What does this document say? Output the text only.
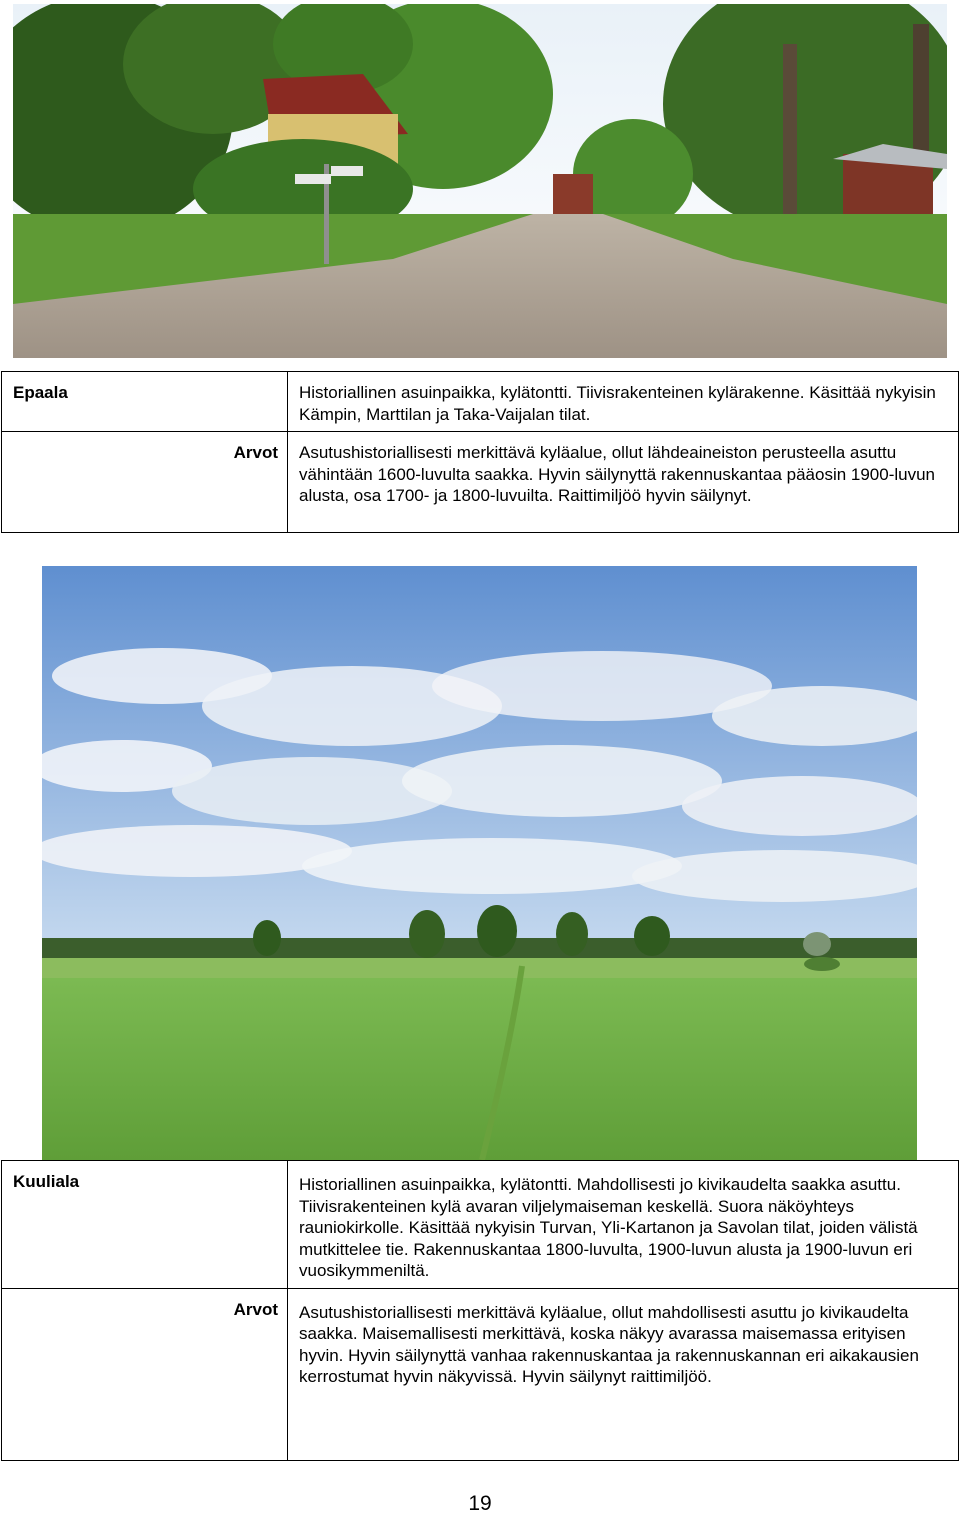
Epaala	Historiallinen asuinpaikka, kylätontti. Tiivisrakenteinen kylärakenne. Käsittää nykyisin Kämpin, Marttilan ja Taka-Vaijalan tilat.
Arvot	Asutushistoriallisesti merkittävä kyläalue, ollut lähdeaineiston perusteella asuttu vähintään 1600-luvulta saakka. Hyvin säilynyttä rakennuskantaa pääosin 1900-luvun alusta, osa 1700- ja 1800-luvuilta. Raittimiljöö hyvin säilynyt.
Kuuliala	Historiallinen asuinpaikka, kylätontti. Mahdollisesti jo kivikaudelta saakka asuttu. Tiivisrakenteinen kylä avaran viljelymaiseman keskellä. Suora näköyhteys rauniokirkolle. Käsittää nykyisin Turvan, Yli-Kartanon ja Savolan tilat, joiden välistä mutkittelee tie. Rakennuskantaa 1800-luvulta, 1900-luvun alusta ja 1900-luvun eri vuosikymmeniltä.
Arvot	Asutushistoriallisesti merkittävä kyläalue, ollut mahdollisesti asuttu jo kivikaudelta saakka. Maisemallisesti merkittävä, koska näkyy avarassa maisemassa erityisen hyvin. Hyvin säilynyttä vanhaa rakennuskantaa ja rakennuskannan eri aikakausien kerrostumat hyvin näkyvissä. Hyvin säilynyt raittimiljöö.
19
